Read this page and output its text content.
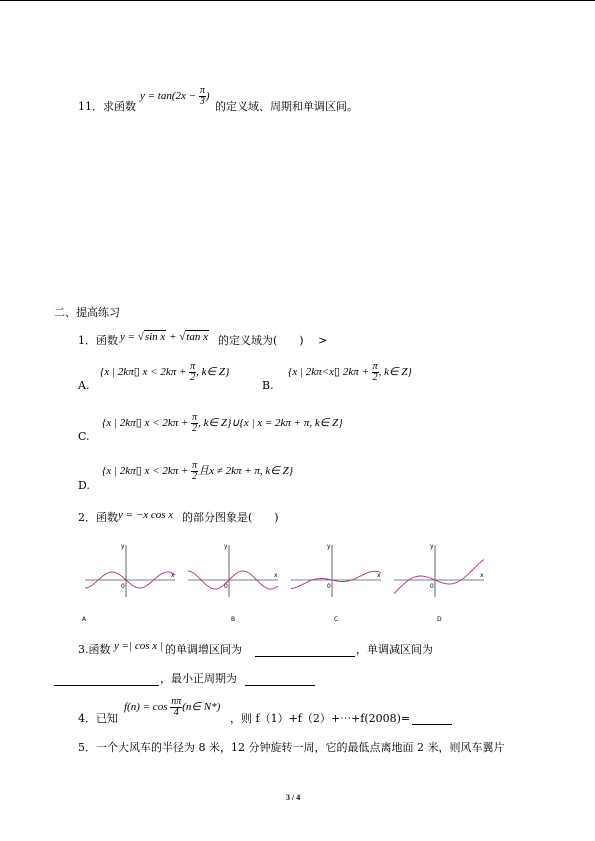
11．求函数
$y = \tan(2x - \frac{\pi}{3}$ )
的定义域、周期和单调区间。
二、提高练习
1．函数 y = √sin x + √tan x 的定义域为(　　)　 >
A.
{x | 2kπ▯ $x < 2k\pi + \frac{\pi}{2}$ , k∈ Z}
B.
{x | 2kπ<x▯ $2k\pi + \frac{\pi}{2}$ , k∈ Z}
C.
{x | 2kπ▯ $x < 2k\pi + \frac{\pi}{2}$ , k∈ Z}∪{x | x = 2kπ + π, k∈ Z}
D.
{x | 2kπ▯ $x < 2k\pi + \frac{\pi}{2}$ 且x ≠ 2kπ + π, k∈ Z}
2．函数 y = −x cos x 的部分图象是(　　)
y
x
0
A
y
x
0
B
y
x
0
C
y
x
0
D
3.函数 y =| cos x | 的单调增区间为	，单调减区间为
，最小正周期为
4．已知
$f(n) = \cos \frac{n\pi}{4}$ (n∈ N*)
，则 f（1）+f（2）+⋯+f(2008)=
5．一个大风车的半径为 8 米，12 分钟旋转一周，它的最低点离地面 2 米，则风车翼片
3 / 4
